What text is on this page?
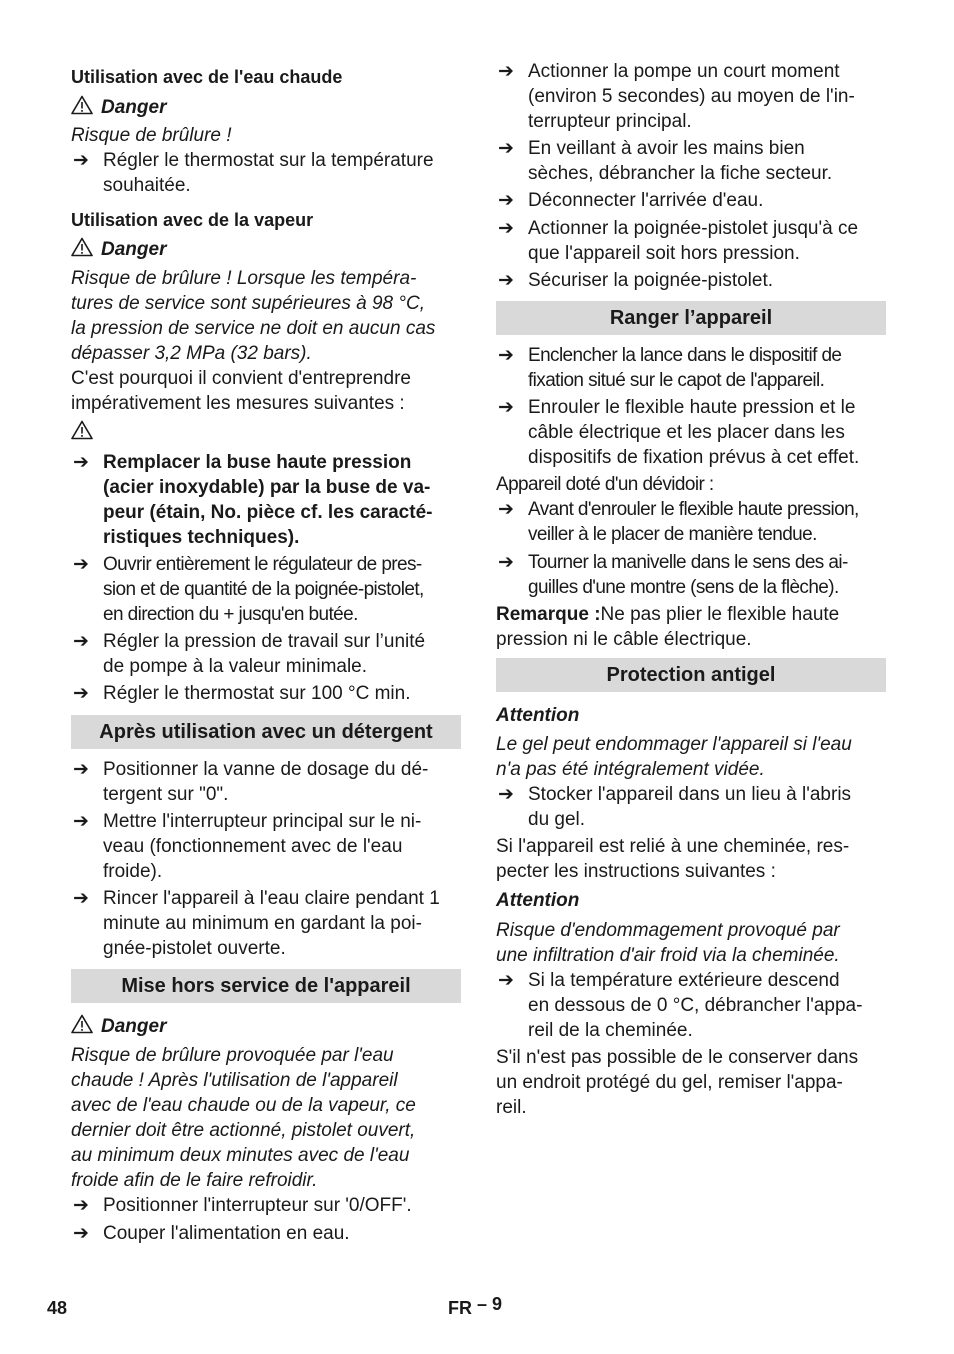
Utilisation avec de l'eau chaude
Danger
Risque de brûlure !
➔ Régler le thermostat sur la température
souhaitée.
Utilisation avec de la vapeur
Danger
Risque de brûlure ! Lorsque les tempéra-
tures de service sont supérieures à 98 °C,
la pression de service ne doit en aucun cas
dépasser 3,2 MPa (32 bars).
C'est pourquoi il convient d'entreprendre
impérativement les mesures suivantes :
➔ Remplacer la buse haute pression
(acier inoxydable) par la buse de va-
peur (étain, No. pièce cf. les caracté-
ristiques techniques).
➔ Ouvrir entièrement le régulateur de pres-
sion et de quantité de la poignée-pistolet,
en direction du + jusqu'en butée.
➔ Régler la pression de travail sur l’unité
de pompe à la valeur minimale.
➔ Régler le thermostat sur 100 °C min.
Après utilisation avec un détergent
➔ Positionner la vanne de dosage du dé-
tergent sur "0".
➔ Mettre l'interrupteur principal sur le ni-
veau (fonctionnement avec de l'eau
froide).
➔ Rincer l'appareil à l'eau claire pendant 1
minute au minimum en gardant la poi-
gnée-pistolet ouverte.
Mise hors service de l'appareil
Danger
Risque de brûlure provoquée par l'eau
chaude ! Après l'utilisation de l'appareil
avec de l'eau chaude ou de la vapeur, ce
dernier doit être actionné, pistolet ouvert,
au minimum deux minutes avec de l'eau
froide afin de le faire refroidir.
➔ Positionner l'interrupteur sur '0/OFF'.
➔ Couper l'alimentation en eau.
➔ Actionner la pompe un court moment
(environ 5 secondes) au moyen de l'in-
terrupteur principal.
➔ En veillant à avoir les mains bien
sèches, débrancher la fiche secteur.
➔ Déconnecter l'arrivée d'eau.
➔ Actionner la poignée-pistolet jusqu'à ce
que l'appareil soit hors pression.
➔ Sécuriser la poignée-pistolet.
Ranger l’appareil
➔ Enclencher la lance dans le dispositif de
fixation situé sur le capot de l'appareil.
➔ Enrouler le flexible haute pression et le
câble électrique et les placer dans les
dispositifs de fixation prévus à cet effet.
Appareil doté d'un dévidoir :
➔ Avant d'enrouler le flexible haute pression,
veiller à le placer de manière tendue.
➔ Tourner la manivelle dans le sens des ai-
guilles d'une montre (sens de la flèche).
Remarque :Ne pas plier le flexible haute
pression ni le câble électrique.
Protection antigel
Attention
Le gel peut endommager l'appareil si l'eau
n'a pas été intégralement vidée.
➔ Stocker l'appareil dans un lieu à l'abris
du gel.
Si l'appareil est relié à une cheminée, res-
pecter les instructions suivantes :
Attention
Risque d'endommagement provoqué par
une infiltration d'air froid via la cheminée.
➔ Si la température extérieure descend
en dessous de 0 °C, débrancher l'appa-
reil de la cheminée.
S'il n'est pas possible de le conserver dans
un endroit protégé du gel, remiser l'appa-
reil.
48	FR – 9
